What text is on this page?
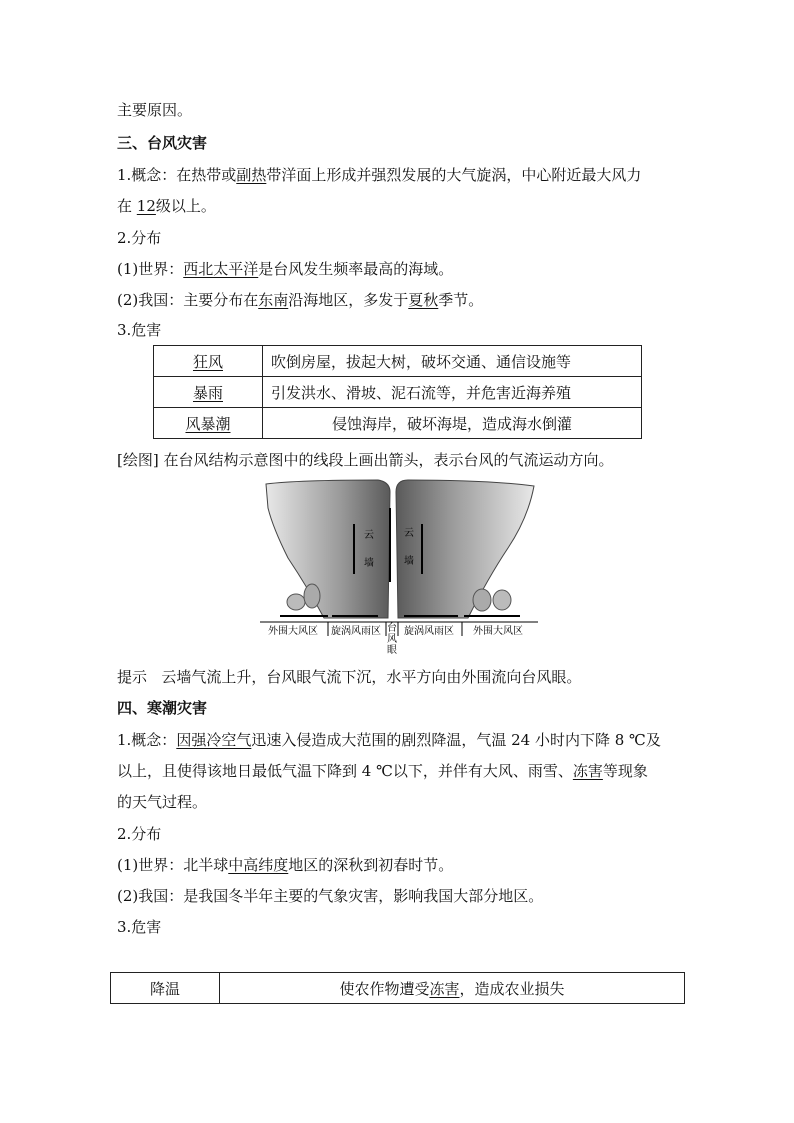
主要原因。

三、台风灾害

1.概念：在热带或副热带洋面上形成并强烈发展的大气旋涡，中心附近最大风力

在 12级以上。

2.分布

(1)世界：西北太平洋是台风发生频率最高的海域。

(2)我国：主要分布在东南沿海地区，多发于夏秋季节。

3.危害

狂风	吹倒房屋，拔起大树，破坏交通、通信设施等
暴雨	引发洪水、滑坡、泥石流等，并危害近海养殖
风暴潮	侵蚀海岸，破坏海堤，造成海水倒灌

[绘图] 在台风结构示意图中的线段上画出箭头，表示台风的气流运动方向。

云
墙
云
墙
外围大风区 旋涡风雨区 旋涡风雨区 外围大风区
台
风
眼

提示 云墙气流上升，台风眼气流下沉，水平方向由外围流向台风眼。

四、寒潮灾害

1.概念：因强冷空气迅速入侵造成大范围的剧烈降温，气温 24 小时内下降 8 ℃及

以上，且使得该地日最低气温下降到 4 ℃以下，并伴有大风、雨雪、冻害等现象

的天气过程。

2.分布

(1)世界：北半球中高纬度地区的深秋到初春时节。

(2)我国：是我国冬半年主要的气象灾害，影响我国大部分地区。

3.危害

降温	使农作物遭受冻害，造成农业损失
